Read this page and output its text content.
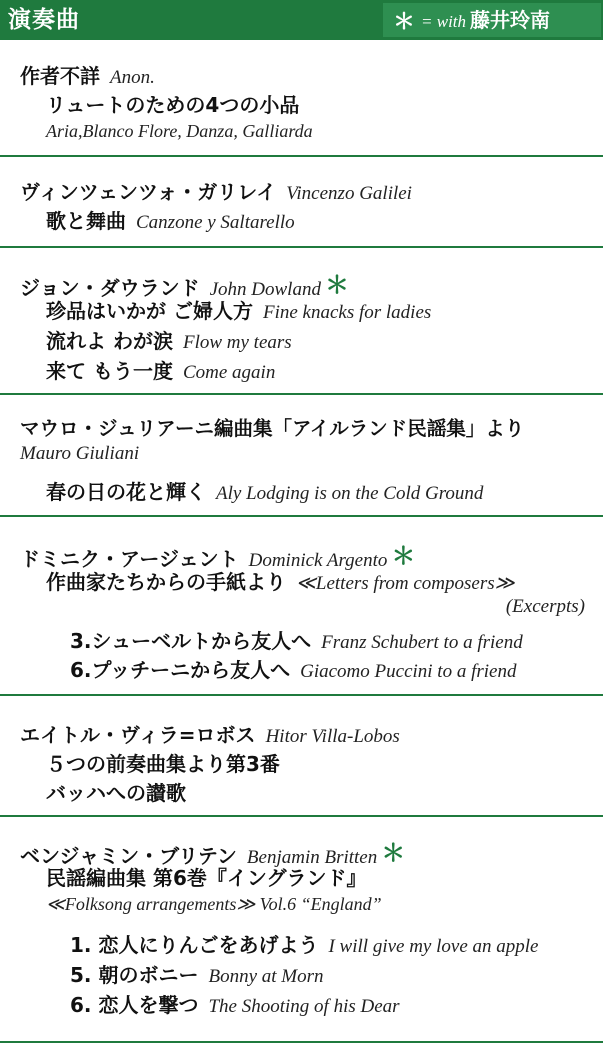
演奏曲	＊ = with 藤井玲南
作者不詳 Anon.
リュートのための4つの小品
Aria,Blanco Flore, Danza, Galliarda
ヴィンツェンツォ・ガリレイ Vincenzo Galilei
歌と舞曲 Canzone y Saltarello
ジョン・ダウランド John Dowland ＊
珍品はいかが ご婦人方 Fine knacks for ladies
流れよ わが涙 Flow my tears
来て もう一度 Come again
マウロ・ジュリアーニ編曲集「アイルランド民謡集」より
Mauro Giuliani
春の日の花と輝く Aly Lodging is on the Cold Ground
ドミニク・アージェント Dominick Argento ＊
作曲家たちからの手紙より ≪Letters from composers≫
(Excerpts)
3.シューベルトから友人へ Franz Schubert to a friend
6.プッチーニから友人へ Giacomo Puccini to a friend
エイトル・ヴィラ=ロボス Hitor Villa-Lobos
５つの前奏曲集より第3番
バッハへの讃歌
ベンジャミン・ブリテン Benjamin Britten ＊
民謡編曲集 第6巻『イングランド』
≪Folksong arrangements≫ Vol.6 “England”
1. 恋人にりんごをあげよう I will give my love an apple
5. 朝のボニー Bonny at Morn
6. 恋人を撃つ The Shooting of his Dear
